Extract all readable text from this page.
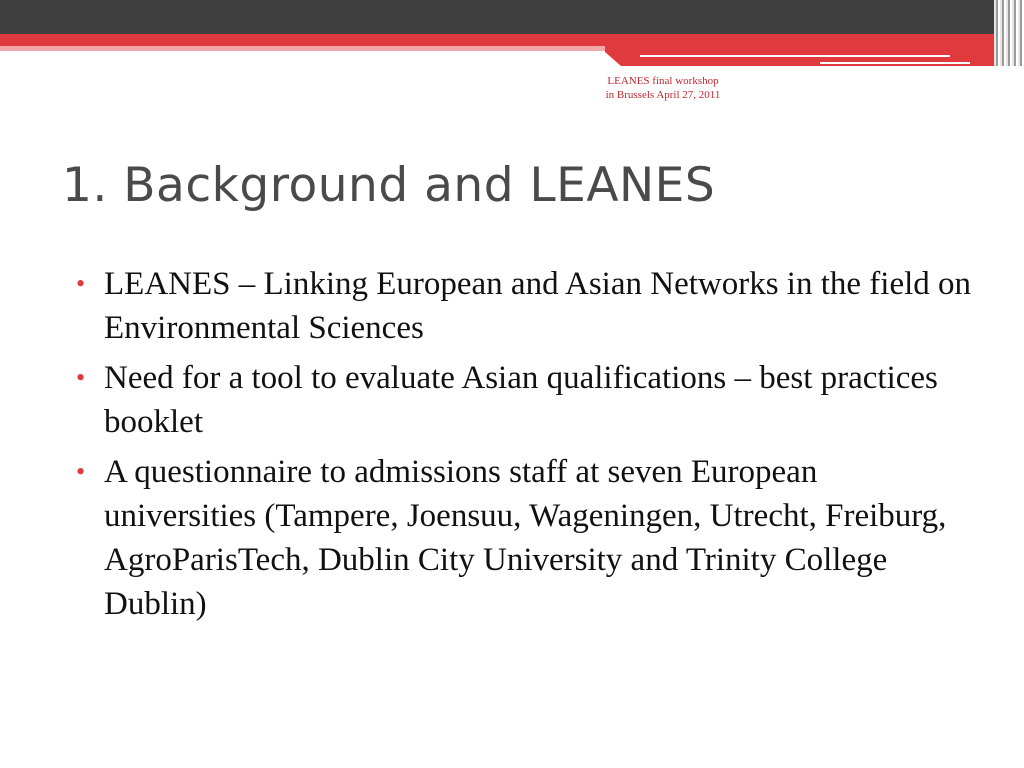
LEANES final workshop
in Brussels April 27, 2011
1. Background and LEANES
• LEANES – Linking European and Asian Networks in the field on Environmental Sciences
• Need for a tool to evaluate Asian qualifications – best practices booklet
• A questionnaire to admissions staff at seven European universities (Tampere, Joensuu, Wageningen, Utrecht, Freiburg, AgroParisTech, Dublin City University and Trinity College Dublin)
